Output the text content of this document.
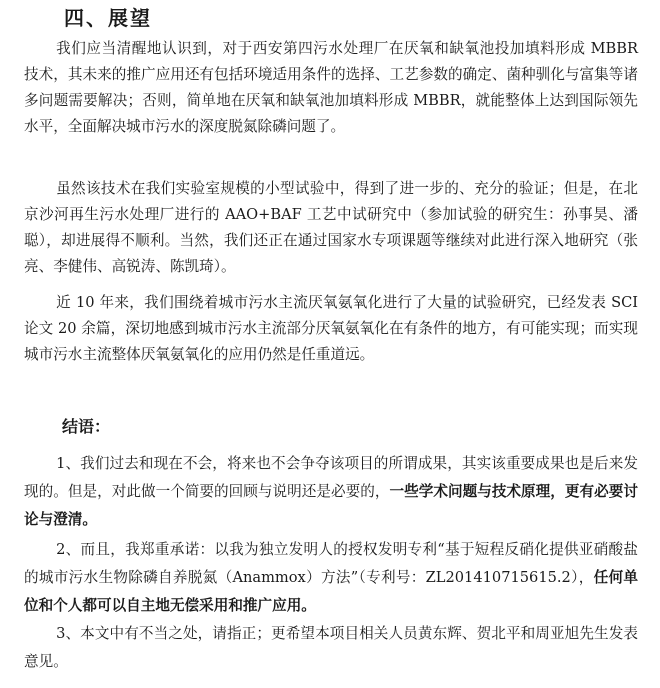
四、展望

我们应当清醒地认识到，对于西安第四污水处理厂在厌氧和缺氧池投加填料形成 MBBR 技术，其未来的推广应用还有包括环境适用条件的选择、工艺参数的确定、菌种驯化与富集等诸多问题需要解决；否则，简单地在厌氧和缺氧池加填料形成 MBBR，就能整体上达到国际领先水平，全面解决城市污水的深度脱氮除磷问题了。

虽然该技术在我们实验室规模的小型试验中，得到了进一步的、充分的验证；但是，在北京沙河再生污水处理厂进行的 AAO+BAF 工艺中试研究中（参加试验的研究生：孙事昊、潘聪），却进展得不顺利。当然，我们还正在通过国家水专项课题等继续对此进行深入地研究（张亮、李健伟、高锐涛、陈凯琦）。

近 10 年来，我们围绕着城市污水主流厌氧氨氧化进行了大量的试验研究，已经发表 SCI 论文 20 余篇，深切地感到城市污水主流部分厌氧氨氧化在有条件的地方，有可能实现；而实现城市污水主流整体厌氧氨氧化的应用仍然是任重道远。

结语：

1、我们过去和现在不会，将来也不会争夺该项目的所谓成果，其实该重要成果也是后来发现的。但是，对此做一个简要的回顾与说明还是必要的，一些学术问题与技术原理，更有必要讨论与澄清。

2、而且，我郑重承诺：以我为独立发明人的授权发明专利“基于短程反硝化提供亚硝酸盐的城市污水生物除磷自养脱氮（Anammox）方法”（专利号：ZL201410715615.2），任何单位和个人都可以自主地无偿采用和推广应用。

3、本文中有不当之处，请指正；更希望本项目相关人员黄东辉、贺北平和周亚旭先生发表意见。
